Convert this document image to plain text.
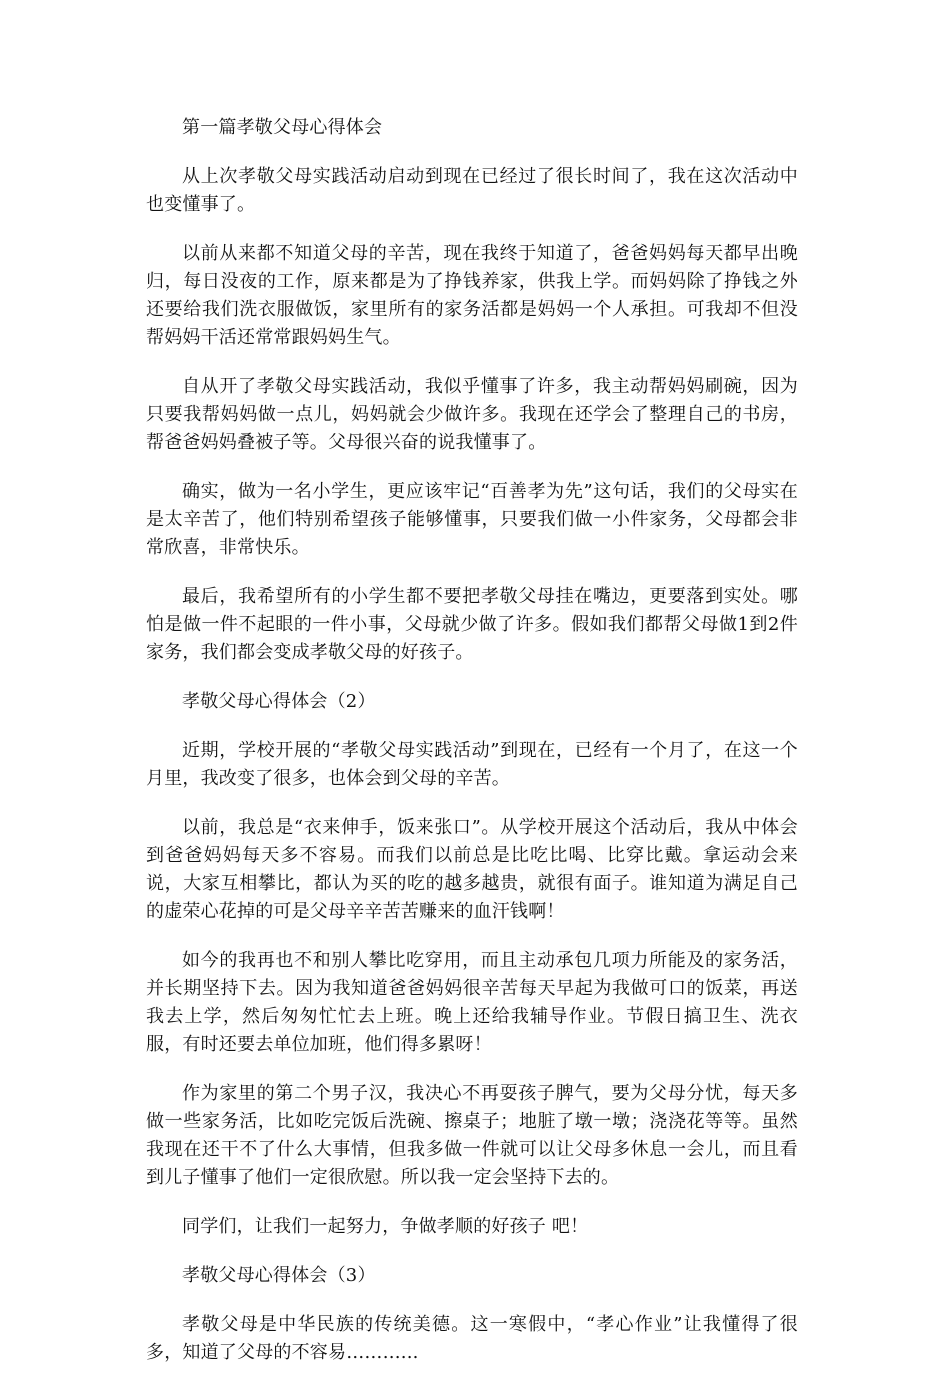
第一篇孝敬父母心得体会

从上次孝敬父母实践活动启动到现在已经过了很长时间了，我在这次活动中也变懂事了。

以前从来都不知道父母的辛苦，现在我终于知道了，爸爸妈妈每天都早出晚归，每日没夜的工作，原来都是为了挣钱养家，供我上学。而妈妈除了挣钱之外还要给我们洗衣服做饭，家里所有的家务活都是妈妈一个人承担。可我却不但没帮妈妈干活还常常跟妈妈生气。

自从开了孝敬父母实践活动，我似乎懂事了许多，我主动帮妈妈刷碗，因为只要我帮妈妈做一点儿，妈妈就会少做许多。我现在还学会了整理自己的书房，帮爸爸妈妈叠被子等。父母很兴奋的说我懂事了。

确实，做为一名小学生，更应该牢记“百善孝为先”这句话，我们的父母实在是太辛苦了，他们特别希望孩子能够懂事，只要我们做一小件家务，父母都会非常欣喜，非常快乐。

最后，我希望所有的小学生都不要把孝敬父母挂在嘴边，更要落到实处。哪怕是做一件不起眼的一件小事，父母就少做了许多。假如我们都帮父母做1到2件家务，我们都会变成孝敬父母的好孩子。

孝敬父母心得体会（2）

近期，学校开展的“孝敬父母实践活动”到现在，已经有一个月了，在这一个月里，我改变了很多，也体会到父母的辛苦。

以前，我总是“衣来伸手，饭来张口”。从学校开展这个活动后，我从中体会到爸爸妈妈每天多不容易。而我们以前总是比吃比喝、比穿比戴。拿运动会来说，大家互相攀比，都认为买的吃的越多越贵，就很有面子。谁知道为满足自己的虚荣心花掉的可是父母辛辛苦苦赚来的血汗钱啊！

如今的我再也不和别人攀比吃穿用，而且主动承包几项力所能及的家务活，并长期坚持下去。因为我知道爸爸妈妈很辛苦每天早起为我做可口的饭菜，再送我去上学，然后匆匆忙忙去上班。晚上还给我辅导作业。节假日搞卫生、洗衣服，有时还要去单位加班，他们得多累呀！

作为家里的第二个男子汉，我决心不再耍孩子脾气，要为父母分忧，每天多做一些家务活，比如吃完饭后洗碗、擦桌子；地脏了墩一墩；浇浇花等等。虽然我现在还干不了什么大事情，但我多做一件就可以让父母多休息一会儿，而且看到儿子懂事了他们一定很欣慰。所以我一定会坚持下去的。

同学们，让我们一起努力，争做孝顺的好孩子 吧！

孝敬父母心得体会（3）

孝敬父母是中华民族的传统美德。这一寒假中，“孝心作业”让我懂得了很多，知道了父母的不容易………...
